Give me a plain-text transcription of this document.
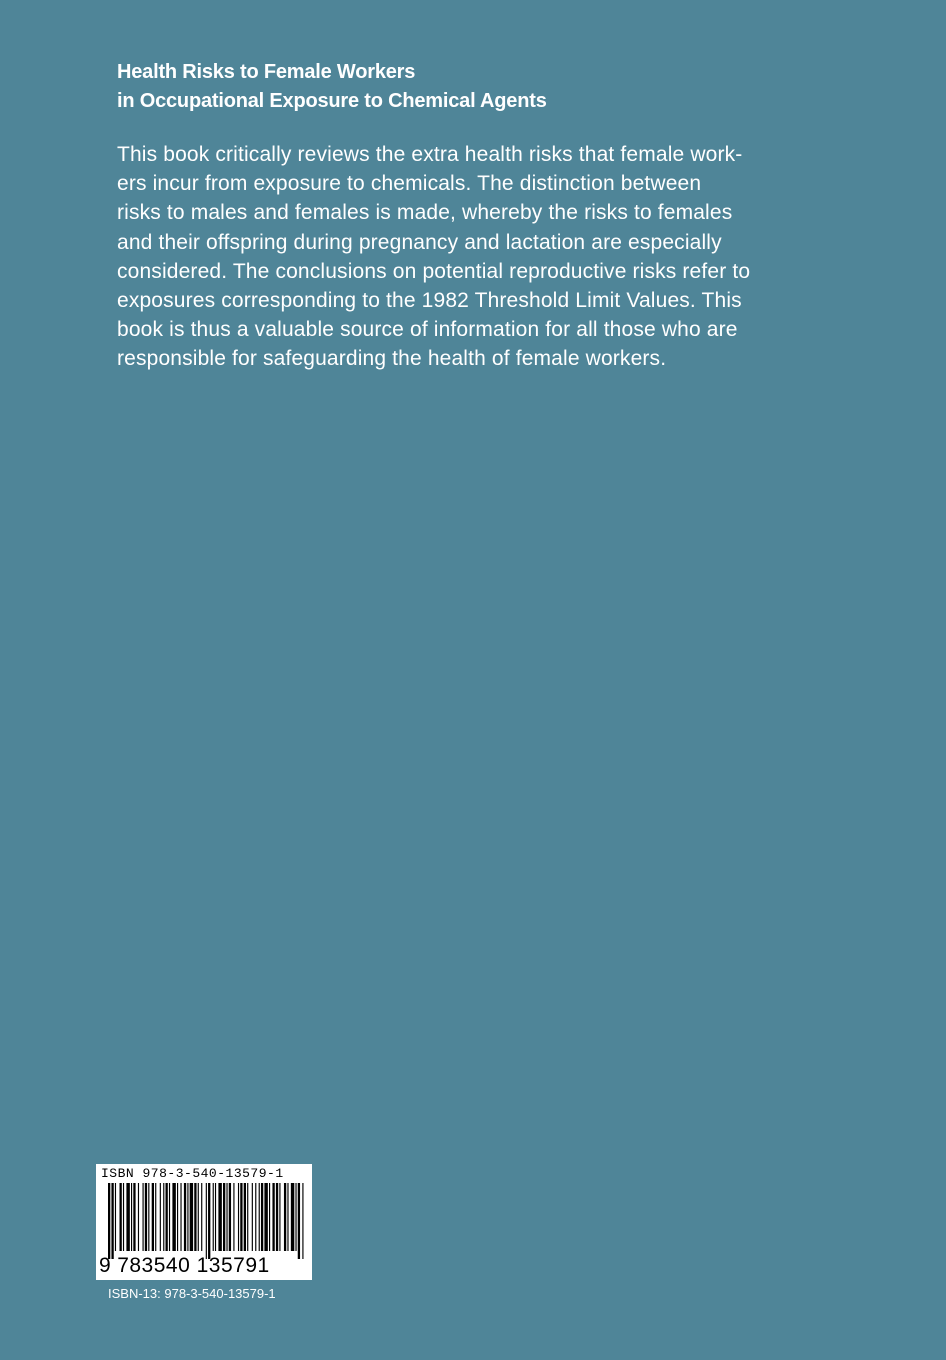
Health Risks to Female Workers
in Occupational Exposure to Chemical Agents
This book critically reviews the extra health risks that female work-
ers incur from exposure to chemicals. The distinction between
risks to males and females is made, whereby the risks to females
and their offspring during pregnancy and lactation are especially
considered. The conclusions on potential reproductive risks refer to
exposures corresponding to the 1982 Threshold Limit Values. This
book is thus a valuable source of information for all those who are
responsible for safeguarding the health of female workers.
ISBN 978-3-540-13579-1
9 783540 135791
ISBN-13: 978-3-540-13579-1
